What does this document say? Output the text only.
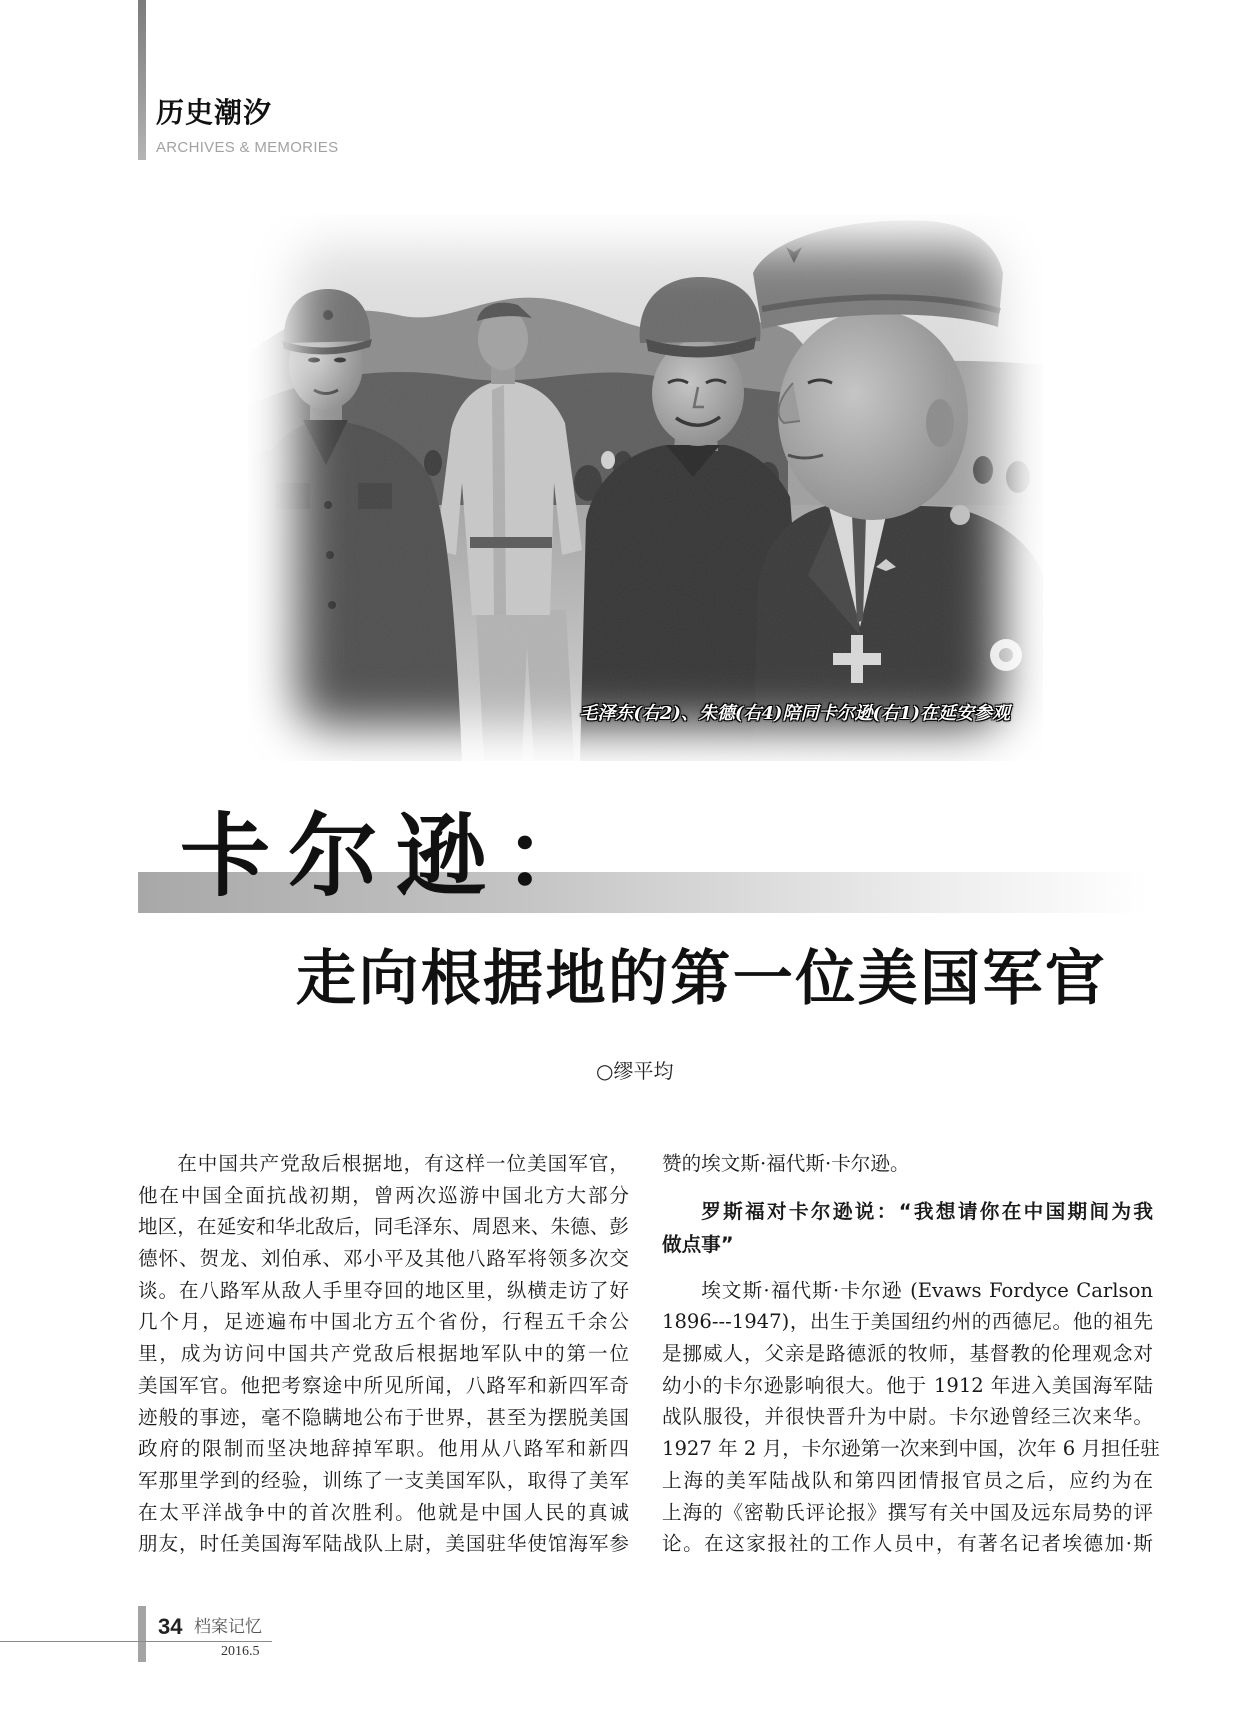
历史潮汐
ARCHIVES & MEMORIES
毛泽东(右2)、朱德(右4)陪同卡尔逊(右1)在延安参观
卡尔逊：
走向根据地的第一位美国军官
○缪平均
在中国共产党敌后根据地，有这样一位美国军官，
他在中国全面抗战初期，曾两次巡游中国北方大部分
地区，在延安和华北敌后，同毛泽东、周恩来、朱德、彭
德怀、贺龙、刘伯承、邓小平及其他八路军将领多次交
谈。在八路军从敌人手里夺回的地区里，纵横走访了好
几个月，足迹遍布中国北方五个省份，行程五千余公
里，成为访问中国共产党敌后根据地军队中的第一位
美国军官。他把考察途中所见所闻，八路军和新四军奇
迹般的事迹，毫不隐瞒地公布于世界，甚至为摆脱美国
政府的限制而坚决地辞掉军职。他用从八路军和新四
军那里学到的经验，训练了一支美国军队，取得了美军
在太平洋战争中的首次胜利。他就是中国人民的真诚
朋友，时任美国海军陆战队上尉，美国驻华使馆海军参
赞的埃文斯·福代斯·卡尔逊。
罗斯福对卡尔逊说：“我想请你在中国期间为我
做点事”
埃文斯·福代斯·卡尔逊 (Evaws Fordyce Carlson
1896---1947)，出生于美国纽约州的西德尼。他的祖先
是挪威人，父亲是路德派的牧师，基督教的伦理观念对
幼小的卡尔逊影响很大。他于 1912 年进入美国海军陆
战队服役，并很快晋升为中尉。卡尔逊曾经三次来华。
1927 年 2 月，卡尔逊第一次来到中国，次年 6 月担任驻
上海的美军陆战队和第四团情报官员之后，应约为在
上海的《密勒氏评论报》撰写有关中国及远东局势的评
论。在这家报社的工作人员中，有著名记者埃德加·斯
34 档案记忆
2016.5
